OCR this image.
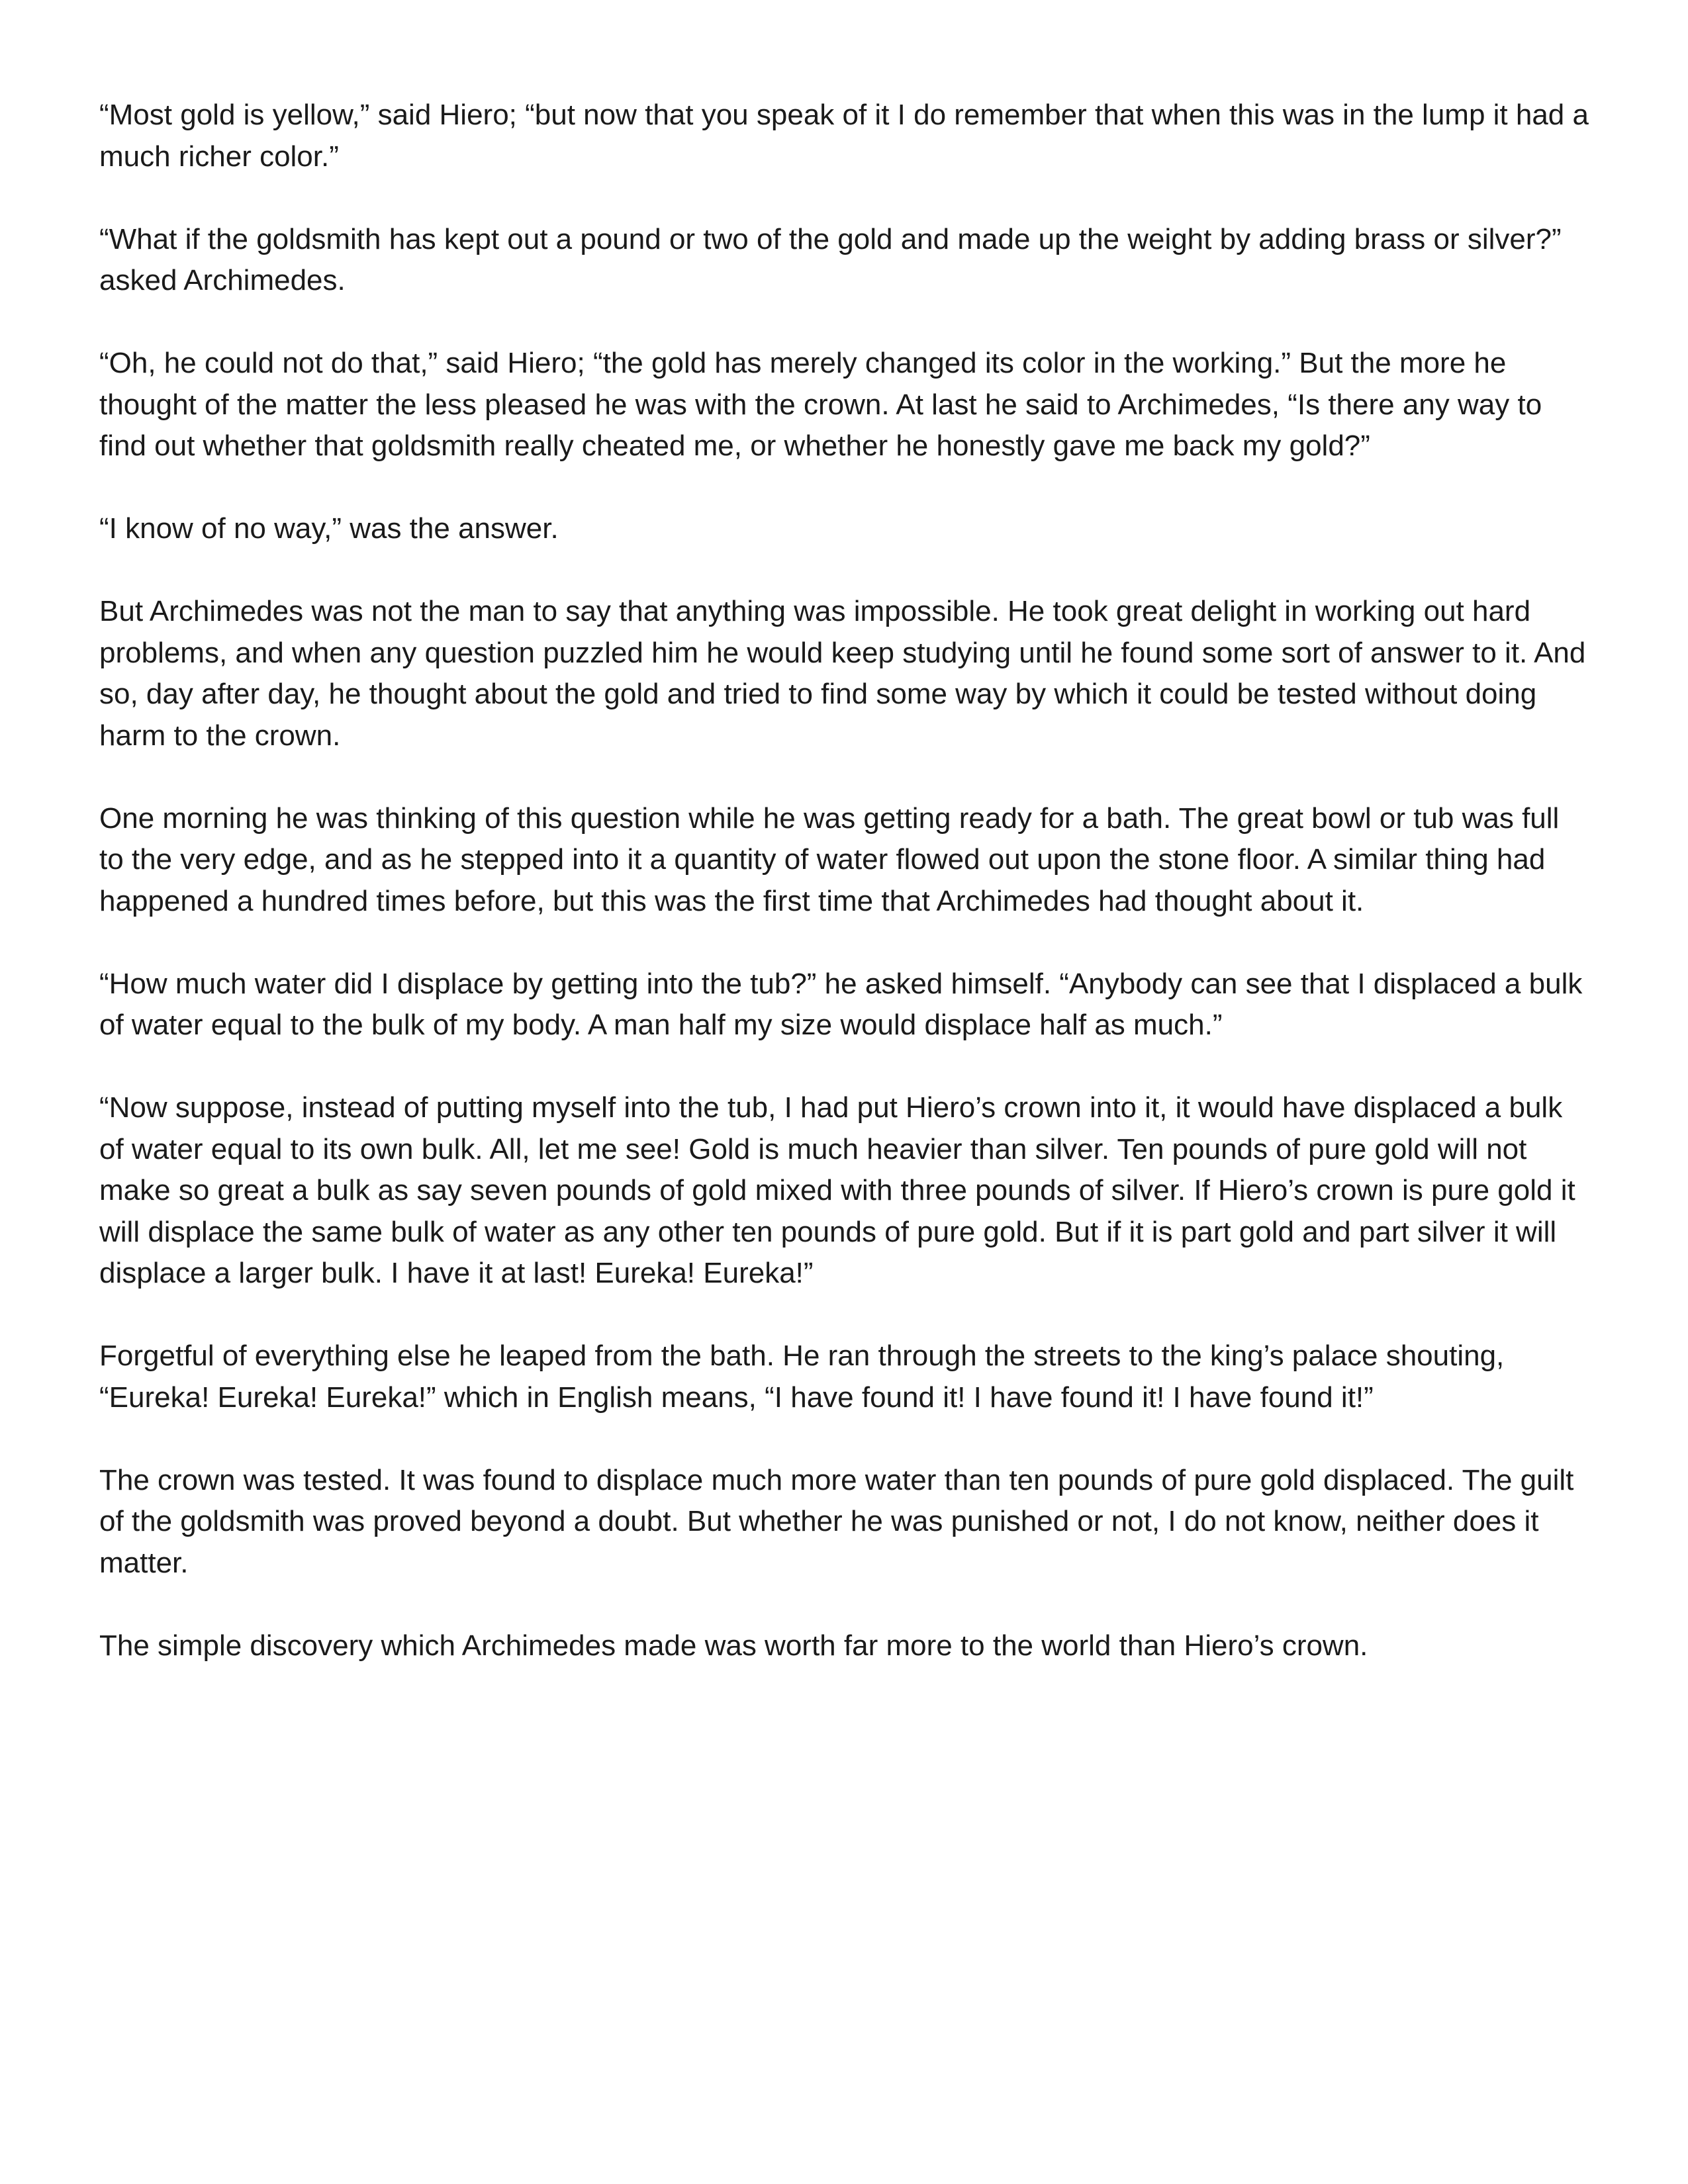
“Most gold is yellow,” said Hiero; “but now that you speak of it I do remember that when this was in the lump it had a much richer color.”

“What if the goldsmith has kept out a pound or two of the gold and made up the weight by adding brass or silver?” asked Archimedes.

“Oh, he could not do that,” said Hiero; “the gold has merely changed its color in the working.” But the more he thought of the matter the less pleased he was with the crown. At last he said to Archimedes, “Is there any way to find out whether that goldsmith really cheated me, or whether he honestly gave me back my gold?”

“I know of no way,” was the answer.

But Archimedes was not the man to say that anything was impossible. He took great delight in working out hard problems, and when any question puzzled him he would keep studying until he found some sort of answer to it. And so, day after day, he thought about the gold and tried to find some way by which it could be tested without doing harm to the crown.

One morning he was thinking of this question while he was getting ready for a bath. The great bowl or tub was full to the very edge, and as he stepped into it a quantity of water flowed out upon the stone floor. A similar thing had happened a hundred times before, but this was the first time that Archimedes had thought about it.

“How much water did I displace by getting into the tub?” he asked himself. “Anybody can see that I displaced a bulk of water equal to the bulk of my body. A man half my size would displace half as much.”

“Now suppose, instead of putting myself into the tub, I had put Hiero’s crown into it, it would have displaced a bulk of water equal to its own bulk. All, let me see! Gold is much heavier than silver. Ten pounds of pure gold will not make so great a bulk as say seven pounds of gold mixed with three pounds of silver. If Hiero’s crown is pure gold it will displace the same bulk of water as any other ten pounds of pure gold. But if it is part gold and part silver it will displace a larger bulk. I have it at last! Eureka! Eureka!”

Forgetful of everything else he leaped from the bath. He ran through the streets to the king’s palace shouting, “Eureka! Eureka! Eureka!” which in English means, “I have found it! I have found it! I have found it!”

The crown was tested. It was found to displace much more water than ten pounds of pure gold displaced. The guilt of the goldsmith was proved beyond a doubt. But whether he was punished or not, I do not know, neither does it matter.

The simple discovery which Archimedes made was worth far more to the world than Hiero’s crown.
